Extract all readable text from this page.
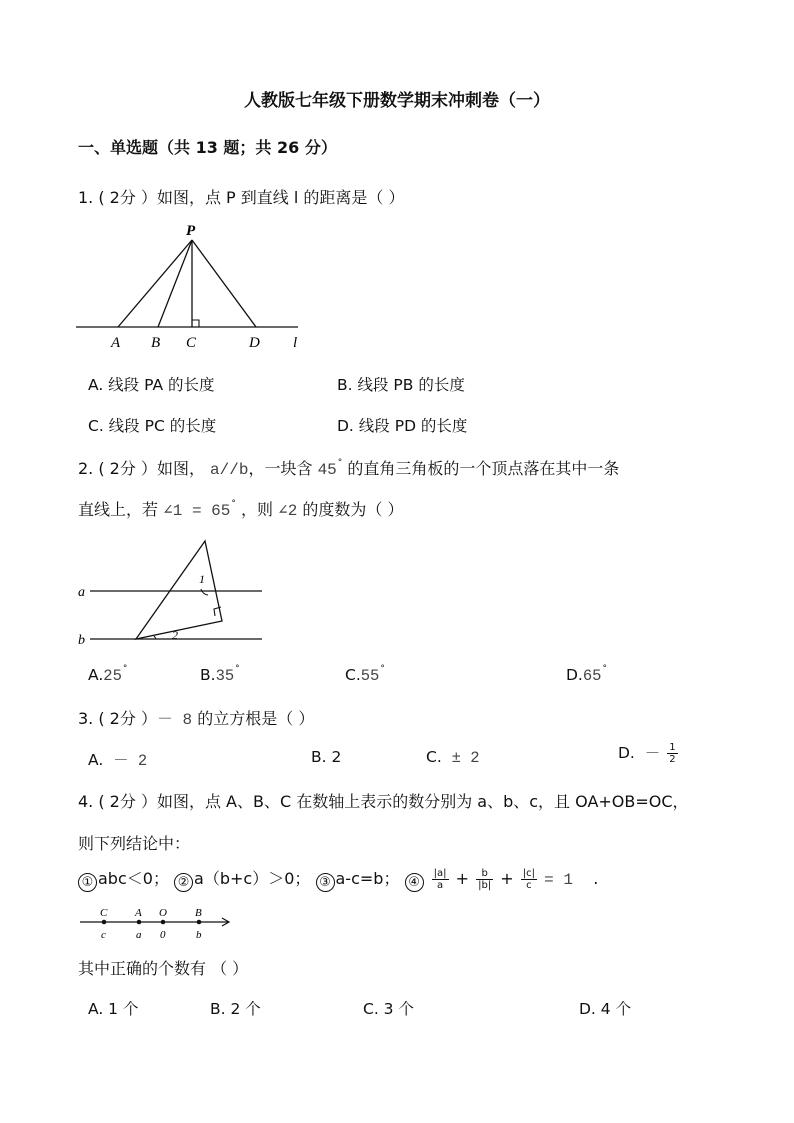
人教版七年级下册数学期末冲刺卷（一）
一、单选题（共 13 题；共 26 分）
1. ( 2分 ）如图，点 P 到直线 l 的距离是（ ）
P
A B C	D l
A. 线段 PA 的长度	B. 线段 PB 的长度
C. 线段 PC 的长度	D. 线段 PD 的长度
2. ( 2分 ）如图， a//b，一块含 45° 的直角三角板的一个顶点落在其中一条
直线上，若 ∠1 = 65° ，则 ∠2 的度数为（ ）
a
b
1
2
A.25°	B.35°	C.55°	D.65°
3. ( 2分 ）－ 8 的立方根是（ ）
A. － 2	B. 2	C. ± 2	D. － $\frac{1}{2}$
4. ( 2分 ）如图，点 A、B、C 在数轴上表示的数分别为 a、b、c，且 OA+OB=OC，
则下列结论中：
① abc＜0； ② a（b+c）＞0； ③ a-c=b； ④ $\frac{|a|}{a} + \frac{b}{|b|} + \frac{|c|}{c} = 1$ .
C	A O	B
c	a 0	b
其中正确的个数有 （ ）
A. 1 个	B. 2 个	C. 3 个	D. 4 个
